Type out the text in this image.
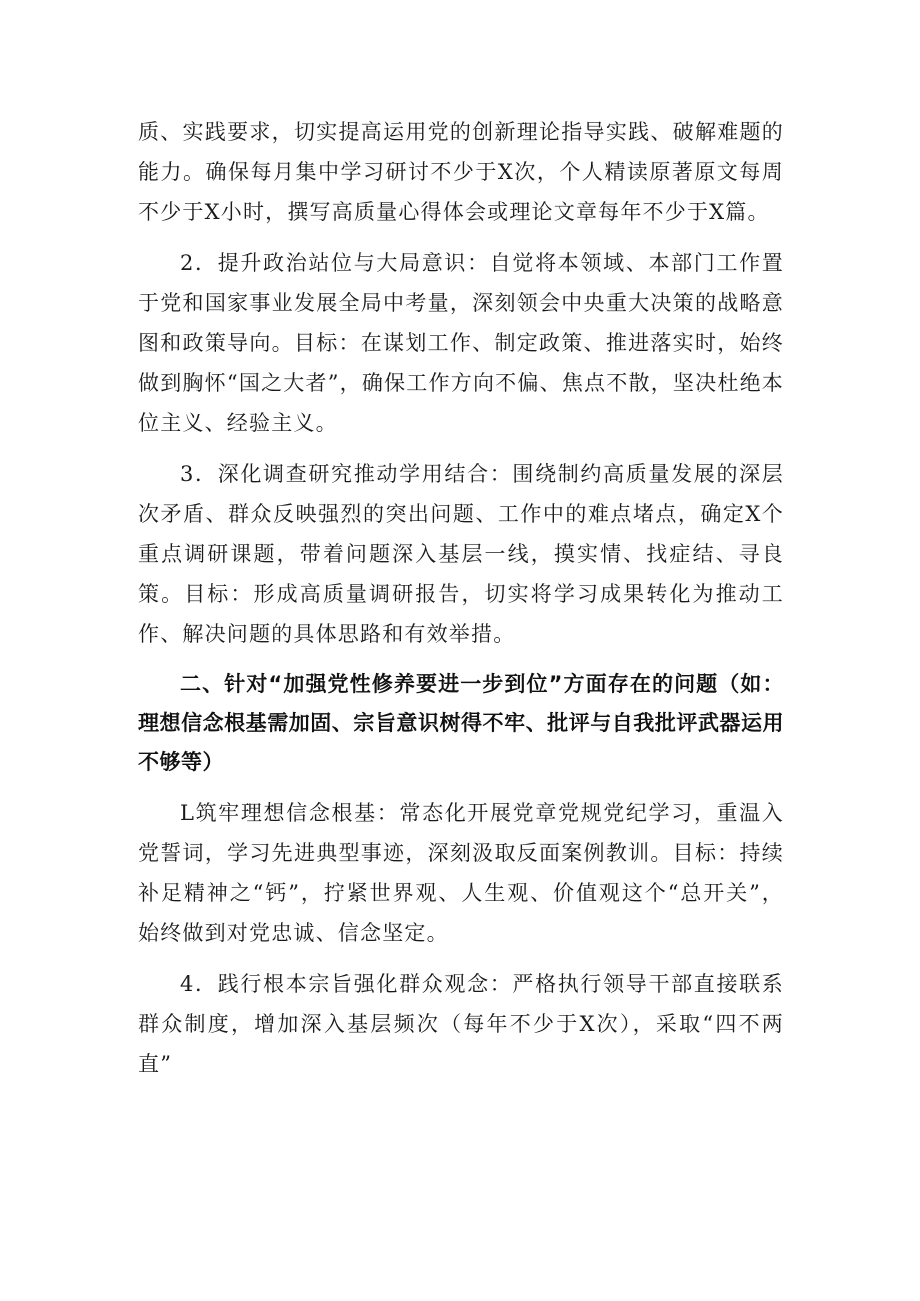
质、实践要求，切实提高运用党的创新理论指导实践、破解难题的能力。确保每月集中学习研讨不少于X次，个人精读原著原文每周不少于X小时，撰写高质量心得体会或理论文章每年不少于X篇。

2．提升政治站位与大局意识：自觉将本领域、本部门工作置于党和国家事业发展全局中考量，深刻领会中央重大决策的战略意图和政策导向。目标：在谋划工作、制定政策、推进落实时，始终做到胸怀“国之大者”，确保工作方向不偏、焦点不散，坚决杜绝本位主义、经验主义。

3．深化调查研究推动学用结合：围绕制约高质量发展的深层次矛盾、群众反映强烈的突出问题、工作中的难点堵点，确定X个重点调研课题，带着问题深入基层一线，摸实情、找症结、寻良策。目标：形成高质量调研报告，切实将学习成果转化为推动工作、解决问题的具体思路和有效举措。

二、针对“加强党性修养要进一步到位”方面存在的问题（如：理想信念根基需加固、宗旨意识树得不牢、批评与自我批评武器运用不够等）

L筑牢理想信念根基：常态化开展党章党规党纪学习，重温入党誓词，学习先进典型事迹，深刻汲取反面案例教训。目标：持续补足精神之“钙”，拧紧世界观、人生观、价值观这个“总开关”，始终做到对党忠诚、信念坚定。

4．践行根本宗旨强化群众观念：严格执行领导干部直接联系群众制度，增加深入基层频次（每年不少于X次），采取“四不两直”
